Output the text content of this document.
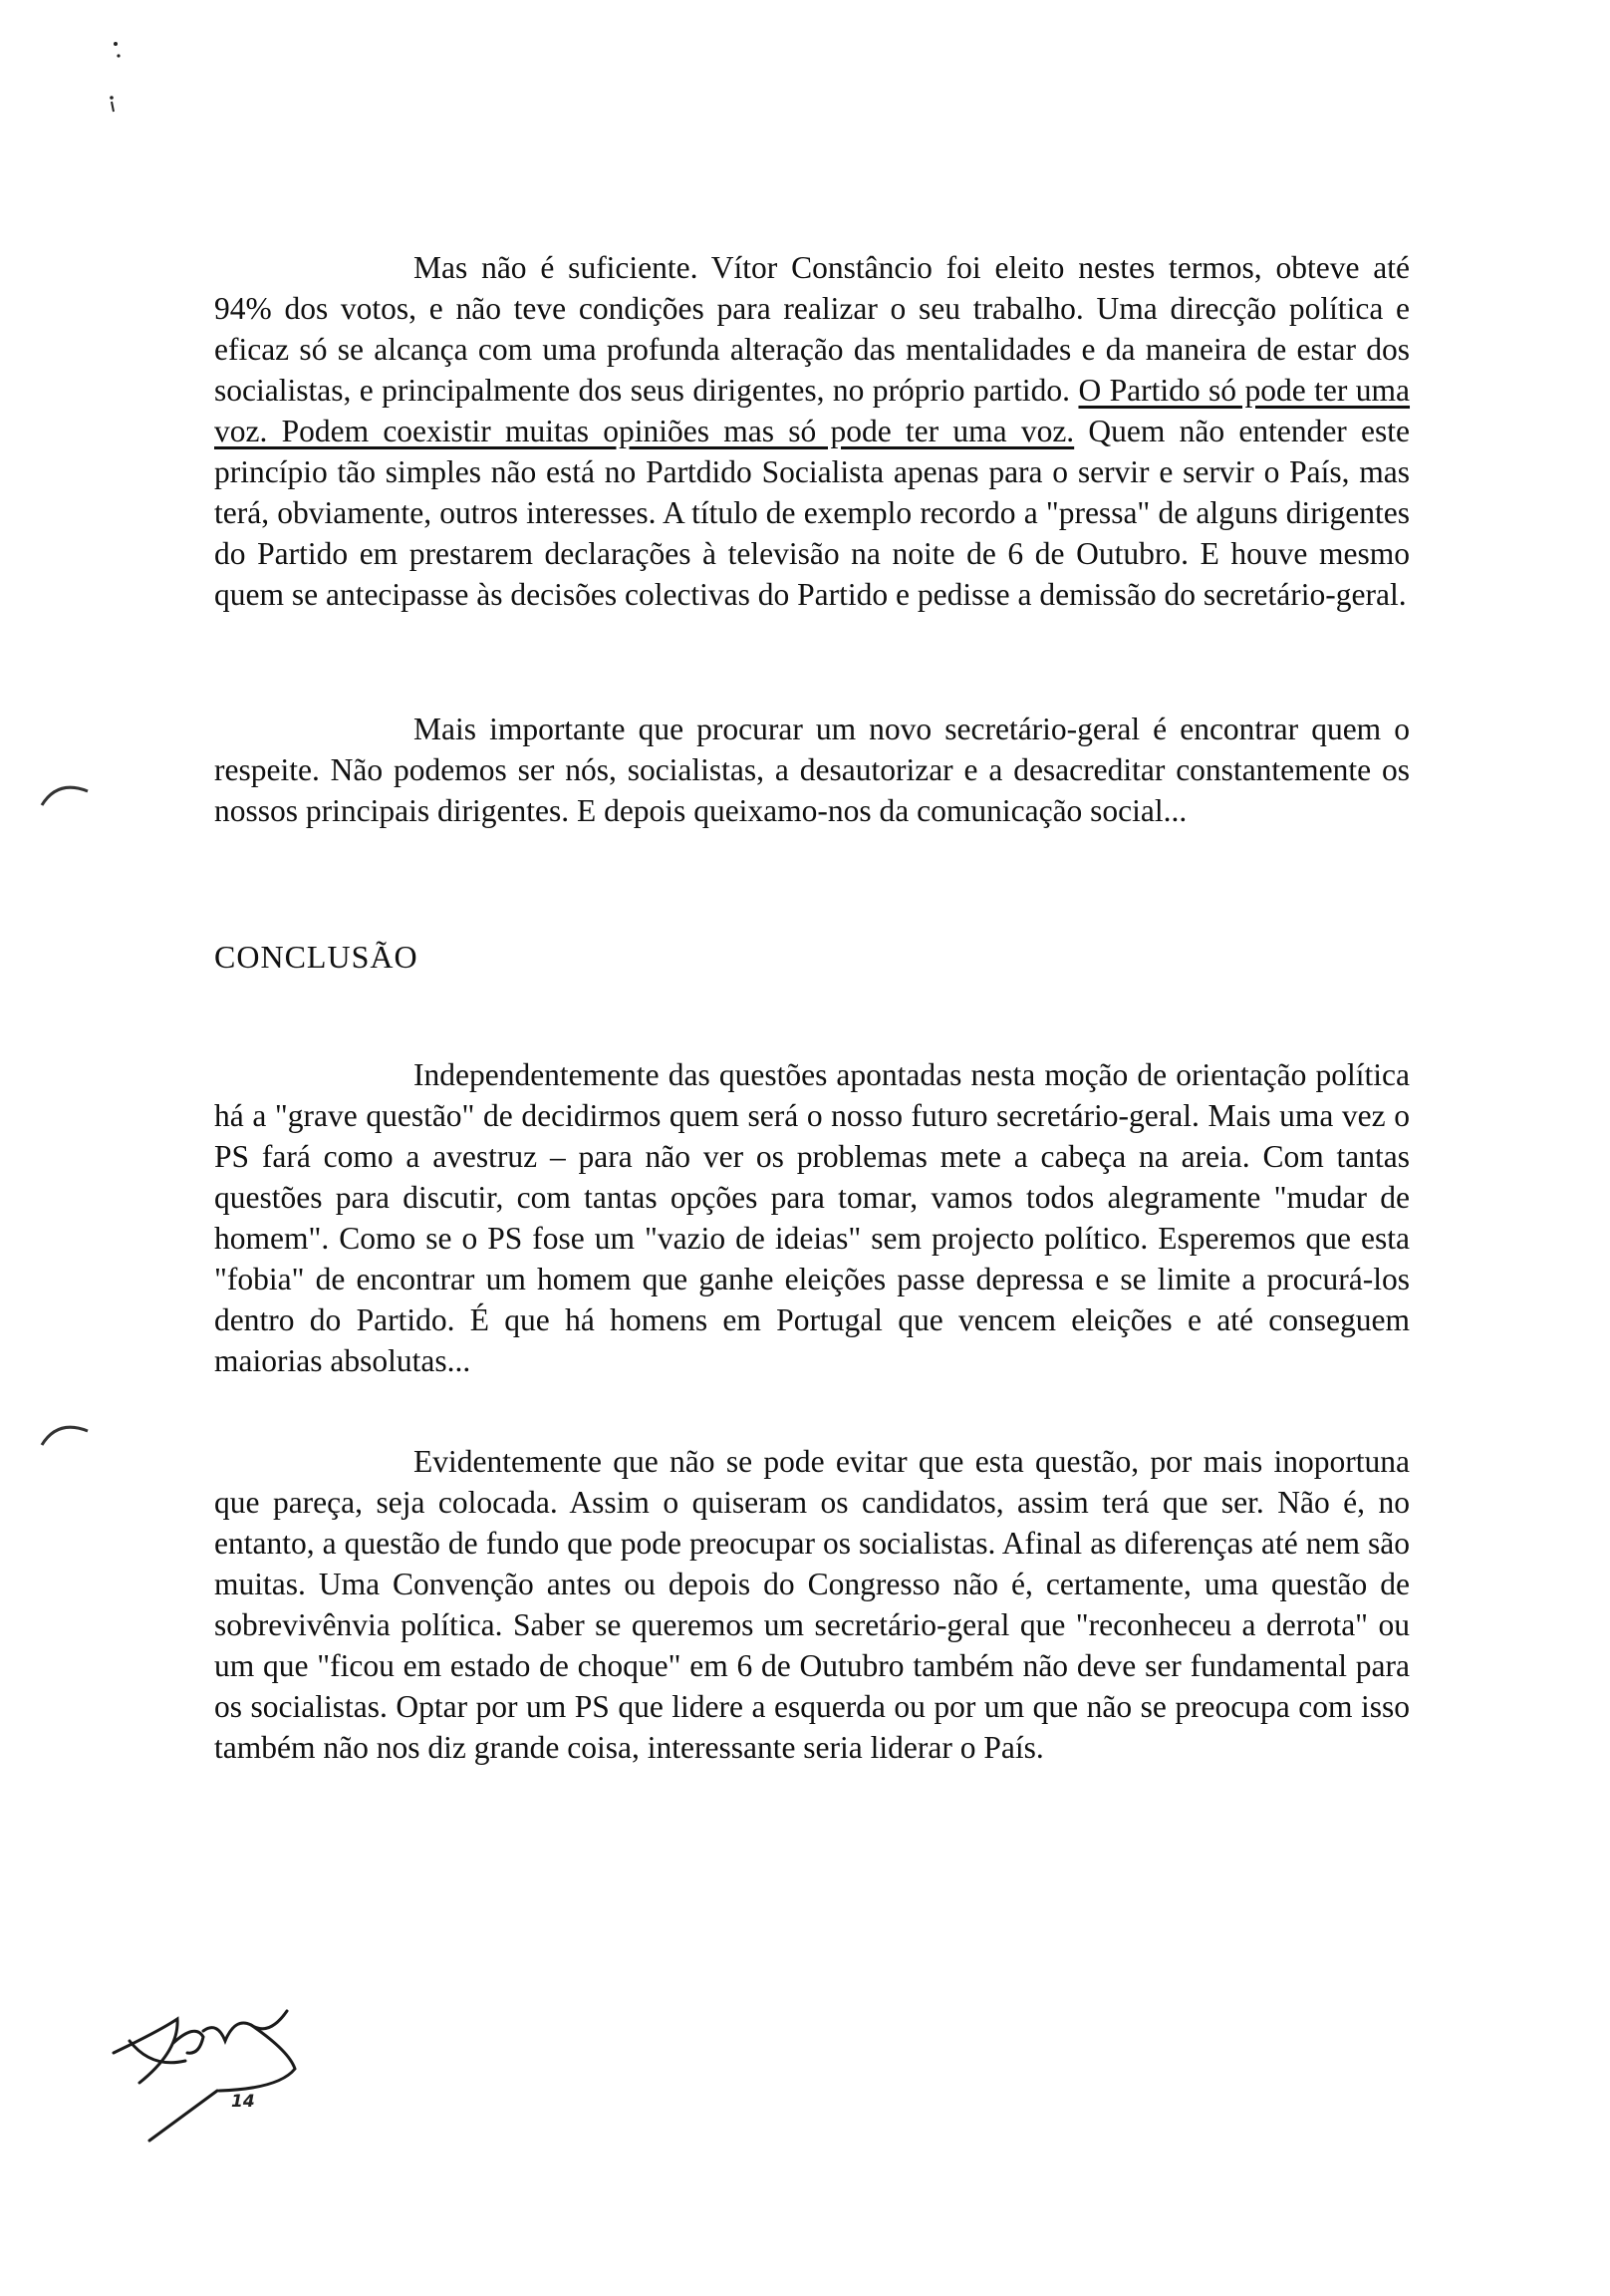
Mas não é suficiente. Vítor Constâncio foi eleito nestes termos, obteve até 94% dos votos, e não teve condições para realizar o seu trabalho. Uma direcção política e eficaz só se alcança com uma profunda alteração das mentalidades e da maneira de estar dos socialistas, e principalmente dos seus dirigentes, no próprio partido. O Partido só pode ter uma voz. Podem coexistir muitas opiniões mas só pode ter uma voz. Quem não entender este princípio tão simples não está no Partdido Socialista apenas para o servir e servir o País, mas terá, obviamente, outros interesses. A título de exemplo recordo a "pressa" de alguns dirigentes do Partido em prestarem declarações à televisão na noite de 6 de Outubro. E houve mesmo quem se antecipasse às decisões colectivas do Partido e pedisse a demissão do secretário-geral.

Mais importante que procurar um novo secretário-geral é encontrar quem o respeite. Não podemos ser nós, socialistas, a desautorizar e a desacreditar constantemente os nossos principais dirigentes. E depois queixamo-nos da comunicação social...

CONCLUSÃO

Independentemente das questões apontadas nesta moção de orientação política há a "grave questão" de decidirmos quem será o nosso futuro secretário-geral. Mais uma vez o PS fará como a avestruz – para não ver os problemas mete a cabeça na areia. Com tantas questões para discutir, com tantas opções para tomar, vamos todos alegramente "mudar de homem". Como se o PS fose um "vazio de ideias" sem projecto político. Esperemos que esta "fobia" de encontrar um homem que ganhe eleições passe depressa e se limite a procurá-los dentro do Partido. É que há homens em Portugal que vencem eleições e até conseguem maiorias absolutas...

Evidentemente que não se pode evitar que esta questão, por mais inoportuna que pareça, seja colocada. Assim o quiseram os candidatos, assim terá que ser. Não é, no entanto, a questão de fundo que pode preocupar os socialistas. Afinal as diferenças até nem são muitas. Uma Convenção antes ou depois do Congresso não é, certamente, uma questão de sobrevivênvia política. Saber se queremos um secretário-geral que "reconheceu a derrota" ou um que "ficou em estado de choque" em 6 de Outubro também não deve ser fundamental para os socialistas. Optar por um PS que lidere a esquerda ou por um que não se preocupa com isso também não nos diz grande coisa, interessante seria liderar o País.

14
